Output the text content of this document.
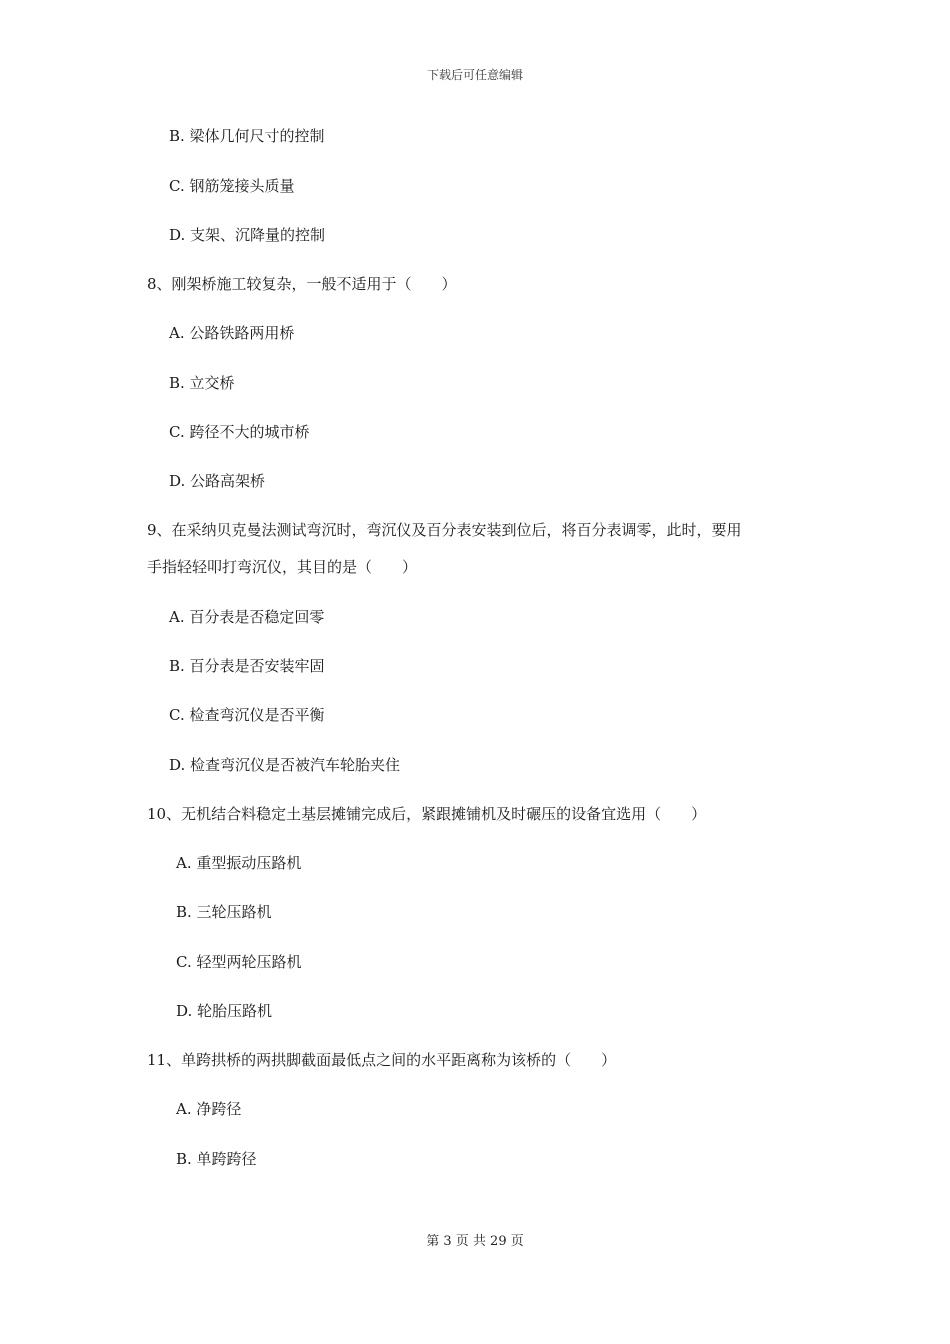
下载后可任意编辑
B. 梁体几何尺寸的控制
C. 钢筋笼接头质量
D. 支架、沉降量的控制
8、刚架桥施工较复杂，一般不适用于（　　）
A. 公路铁路两用桥
B. 立交桥
C. 跨径不大的城市桥
D. 公路高架桥
9、在采纳贝克曼法测试弯沉时，弯沉仪及百分表安装到位后，将百分表调零，此时，要用
手指轻轻叩打弯沉仪，其目的是（　　）
A. 百分表是否稳定回零
B. 百分表是否安装牢固
C. 检查弯沉仪是否平衡
D. 检查弯沉仪是否被汽车轮胎夹住
10、无机结合料稳定土基层摊铺完成后，紧跟摊铺机及时碾压的设备宜选用（　　）
A. 重型振动压路机
B. 三轮压路机
C. 轻型两轮压路机
D. 轮胎压路机
11、单跨拱桥的两拱脚截面最低点之间的水平距离称为该桥的（　　）
A. 净跨径
B. 单跨跨径
第 3 页 共 29 页
